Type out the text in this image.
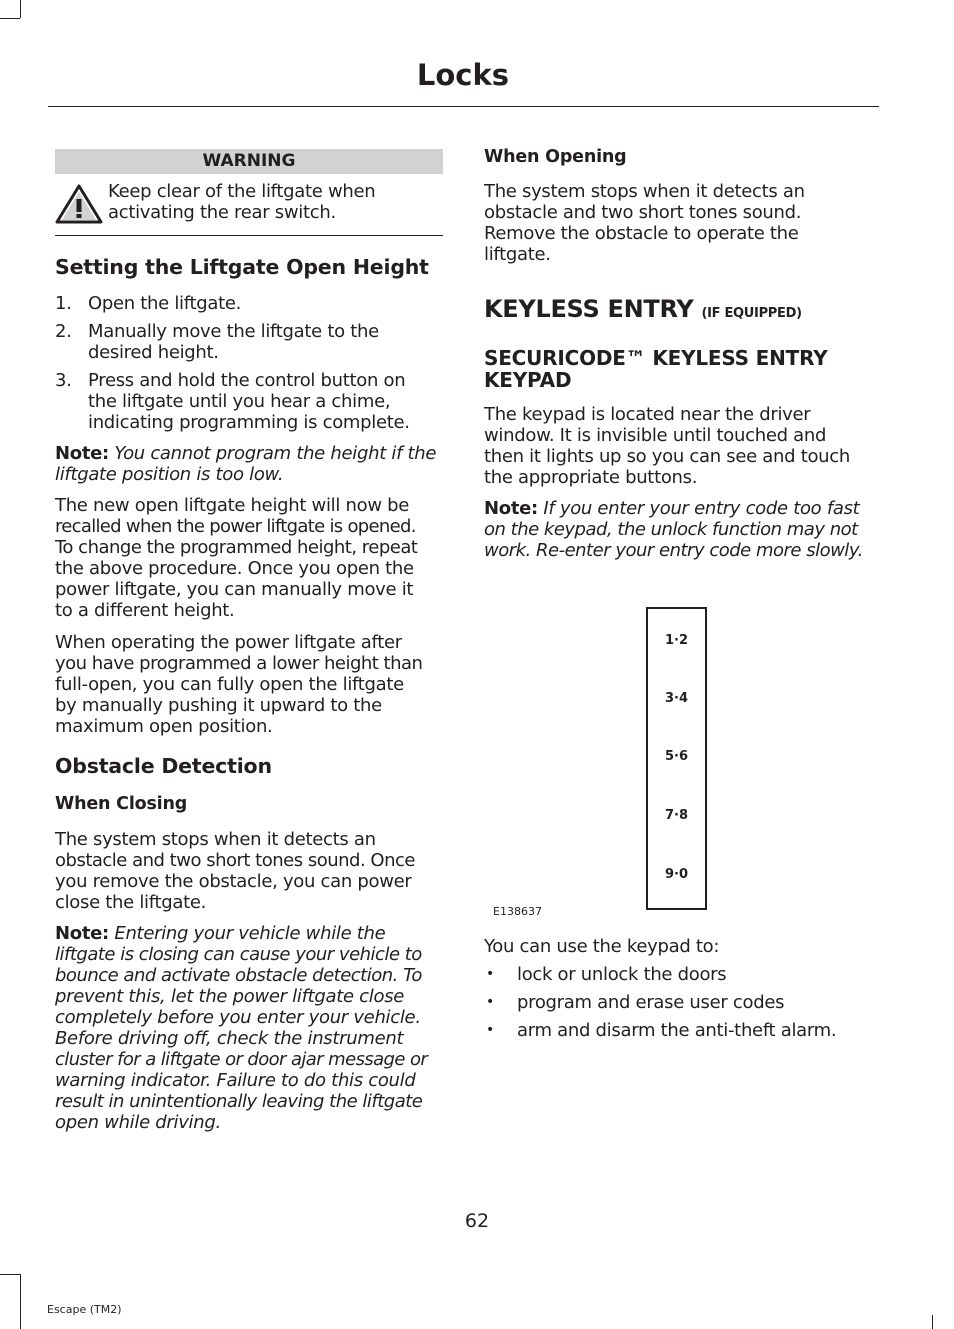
Locks
WARNING

Keep clear of the liftgate when

activating the rear switch.

Setting the Liftgate Open Height
1. Open the liftgate.

2. Manually move the liftgate to the

desired height.

3. Press and hold the control button on

the liftgate until you hear a chime,

indicating programming is complete.

Note: You cannot program the height if the

liftgate position is too low.

The new open liftgate height will now be

recalled when the power liftgate is opened.

To change the programmed height, repeat

the above procedure. Once you open the

power liftgate, you can manually move it

to a different height.

When operating the power liftgate after

you have programmed a lower height than

full-open, you can fully open the liftgate

by manually pushing it upward to the

maximum open position.

Obstacle Detection
When Closing

The system stops when it detects an

obstacle and two short tones sound. Once

you remove the obstacle, you can power

close the liftgate.

Note: Entering your vehicle while the

liftgate is closing can cause your vehicle to

bounce and activate obstacle detection. To

prevent this, let the power liftgate close

completely before you enter your vehicle.

Before driving off, check the instrument

cluster for a liftgate or door ajar message or

warning indicator. Failure to do this could

result in unintentionally leaving the liftgate

open while driving.

When Opening

The system stops when it detects an

obstacle and two short tones sound.

Remove the obstacle to operate the

liftgate.

KEYLESS ENTRY (IF EQUIPPED)
SECURICODE™ KEYLESS ENTRY
KEYPAD

The keypad is located near the driver

window. It is invisible until touched and

then it lights up so you can see and touch

the appropriate buttons.

Note: If you enter your entry code too fast

on the keypad, the unlock function may not

work. Re-enter your entry code more slowly.

1·2
3·4
5·6
7·8
9·0
E138637

You can use the keypad to:

• lock or unlock the doors

• program and erase user codes

• arm and disarm the anti-theft alarm.

62
Escape (TM2)
